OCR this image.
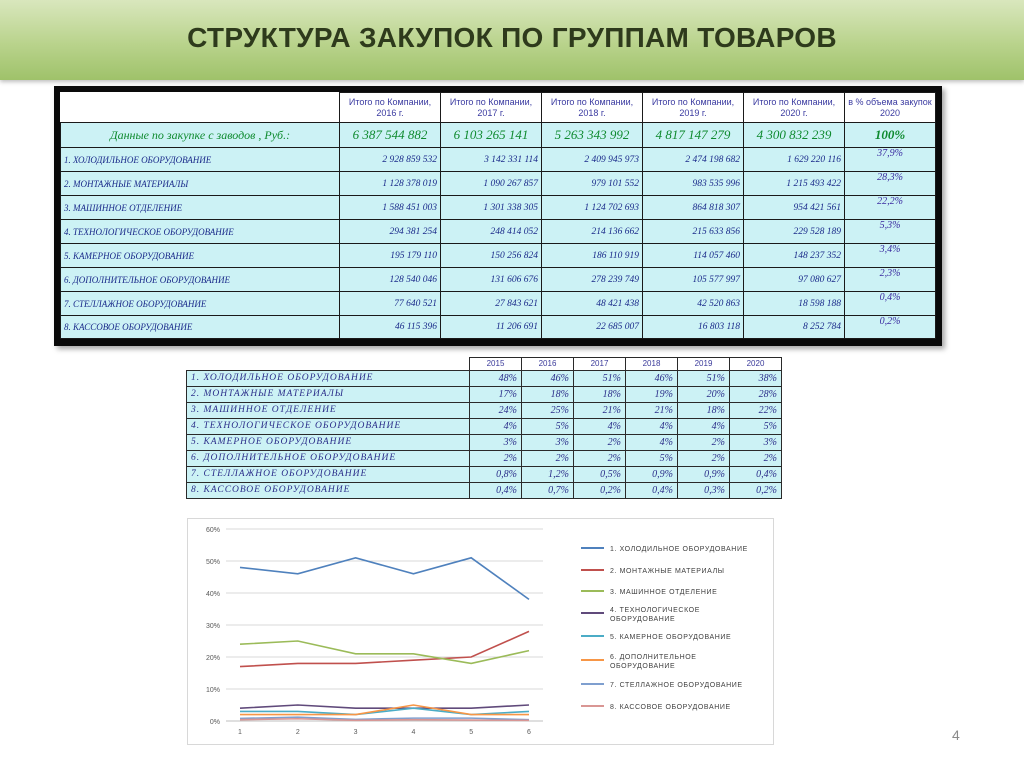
СТРУКТУРА ЗАКУПОК ПО ГРУППАМ ТОВАРОВ
	Итого по Компании, 2016 г.	Итого по Компании, 2017 г.	Итого по Компании, 2018 г.	Итого по Компании, 2019 г.	Итого по Компании, 2020 г.	в % объема закупок 2020
Данные по закупке с заводов , Руб.:	6 387 544 882	6 103 265 141	5 263 343 992	4 817 147 279	4 300 832 239	100%
1. ХОЛОДИЛЬНОЕ ОБОРУДОВАНИЕ	2 928 859 532	3 142 331 114	2 409 945 973	2 474 198 682	1 629 220 116	37,9%
2. МОНТАЖНЫЕ МАТЕРИАЛЫ	1 128 378 019	1 090 267 857	979 101 552	983 535 996	1 215 493 422	28,3%
3. МАШИННОЕ ОТДЕЛЕНИЕ	1 588 451 003	1 301 338 305	1 124 702 693	864 818 307	954 421 561	22,2%
4. ТЕХНОЛОГИЧЕСКОЕ ОБОРУДОВАНИЕ	294 381 254	248 414 052	214 136 662	215 633 856	229 528 189	5,3%
5. КАМЕРНОЕ ОБОРУДОВАНИЕ	195 179 110	150 256 824	186 110 919	114 057 460	148 237 352	3,4%
6. ДОПОЛНИТЕЛЬНОЕ ОБОРУДОВАНИЕ	128 540 046	131 606 676	278 239 749	105 577 997	97 080 627	2,3%
7. СТЕЛЛАЖНОЕ ОБОРУДОВАНИЕ	77 640 521	27 843 621	48 421 438	42 520 863	18 598 188	0,4%
8. КАССОВОЕ ОБОРУДОВАНИЕ	46 115 396	11 206 691	22 685 007	16 803 118	8 252 784	0,2%
	2015	2016	2017	2018	2019	2020
1. ХОЛОДИЛЬНОЕ ОБОРУДОВАНИЕ	48%	46%	51%	46%	51%	38%
2. МОНТАЖНЫЕ МАТЕРИАЛЫ	17%	18%	18%	19%	20%	28%
3. МАШИННОЕ ОТДЕЛЕНИЕ	24%	25%	21%	21%	18%	22%
4. ТЕХНОЛОГИЧЕСКОЕ ОБОРУДОВАНИЕ	4%	5%	4%	4%	4%	5%
5. КАМЕРНОЕ ОБОРУДОВАНИЕ	3%	3%	2%	4%	2%	3%
6. ДОПОЛНИТЕЛЬНОЕ ОБОРУДОВАНИЕ	2%	2%	2%	5%	2%	2%
7. СТЕЛЛАЖНОЕ ОБОРУДОВАНИЕ	0,8%	1,2%	0,5%	0,9%	0,9%	0,4%
8. КАССОВОЕ ОБОРУДОВАНИЕ	0,4%	0,7%	0,2%	0,4%	0,3%	0,2%
0%
10%
20%
30%
40%
50%
60%
1	2	3	4	5	6
1. ХОЛОДИЛЬНОЕ ОБОРУДОВАНИЕ
2. МОНТАЖНЫЕ МАТЕРИАЛЫ
3. МАШИННОЕ ОТДЕЛЕНИЕ
4. ТЕХНОЛОГИЧЕСКОЕ ОБОРУДОВАНИЕ
5. КАМЕРНОЕ ОБОРУДОВАНИЕ
6. ДОПОЛНИТЕЛЬНОЕ ОБОРУДОВАНИЕ
7. СТЕЛЛАЖНОЕ ОБОРУДОВАНИЕ
8. КАССОВОЕ ОБОРУДОВАНИЕ
4
